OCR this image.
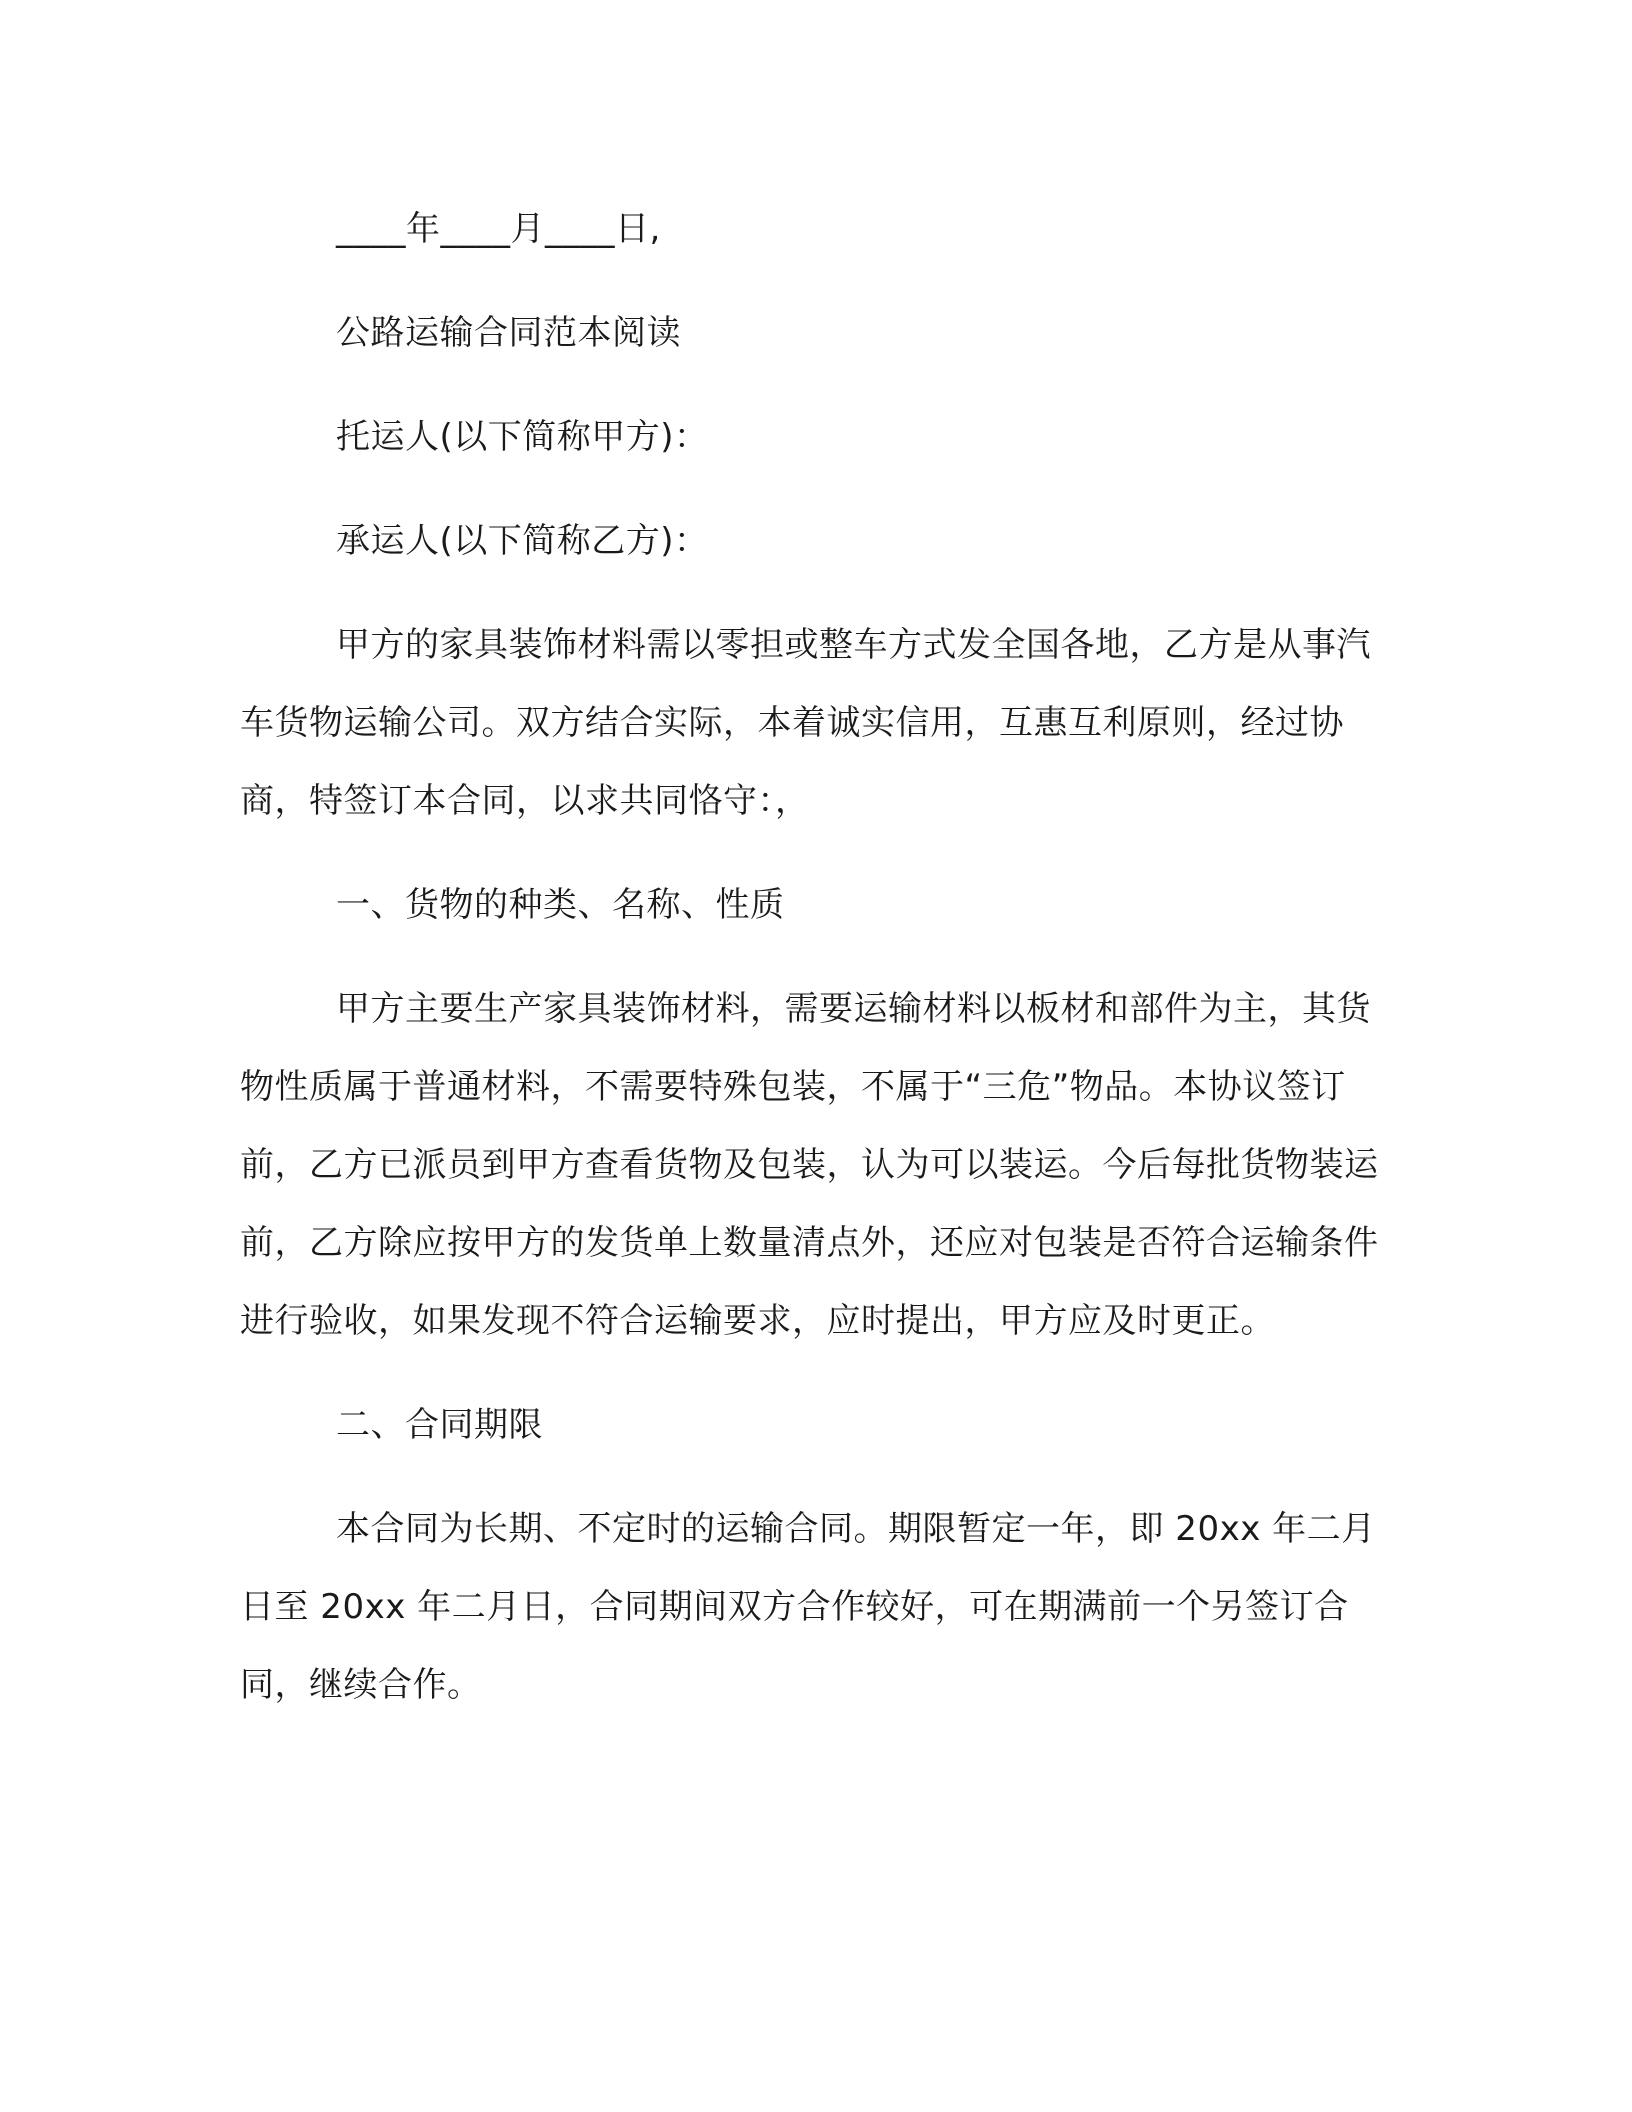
____年____月____日,

公路运输合同范本阅读

托运人(以下简称甲方)：

承运人(以下简称乙方)：

甲方的家具装饰材料需以零担或整车方式发全国各地，乙方是从事汽车货物运输公司。双方结合实际，本着诚实信用，互惠互利原则，经过协商，特签订本合同，以求共同恪守：，

一、货物的种类、名称、性质

甲方主要生产家具装饰材料，需要运输材料以板材和部件为主，其货物性质属于普通材料，不需要特殊包装，不属于“三危”物品。本协议签订前，乙方已派员到甲方查看货物及包装，认为可以装运。今后每批货物装运前，乙方除应按甲方的发货单上数量清点外，还应对包装是否符合运输条件进行验收，如果发现不符合运输要求，应时提出，甲方应及时更正。

二、合同期限

本合同为长期、不定时的运输合同。期限暂定一年，即 20xx 年二月日至 20xx 年二月日，合同期间双方合作较好，可在期满前一个另签订合同，继续合作。
